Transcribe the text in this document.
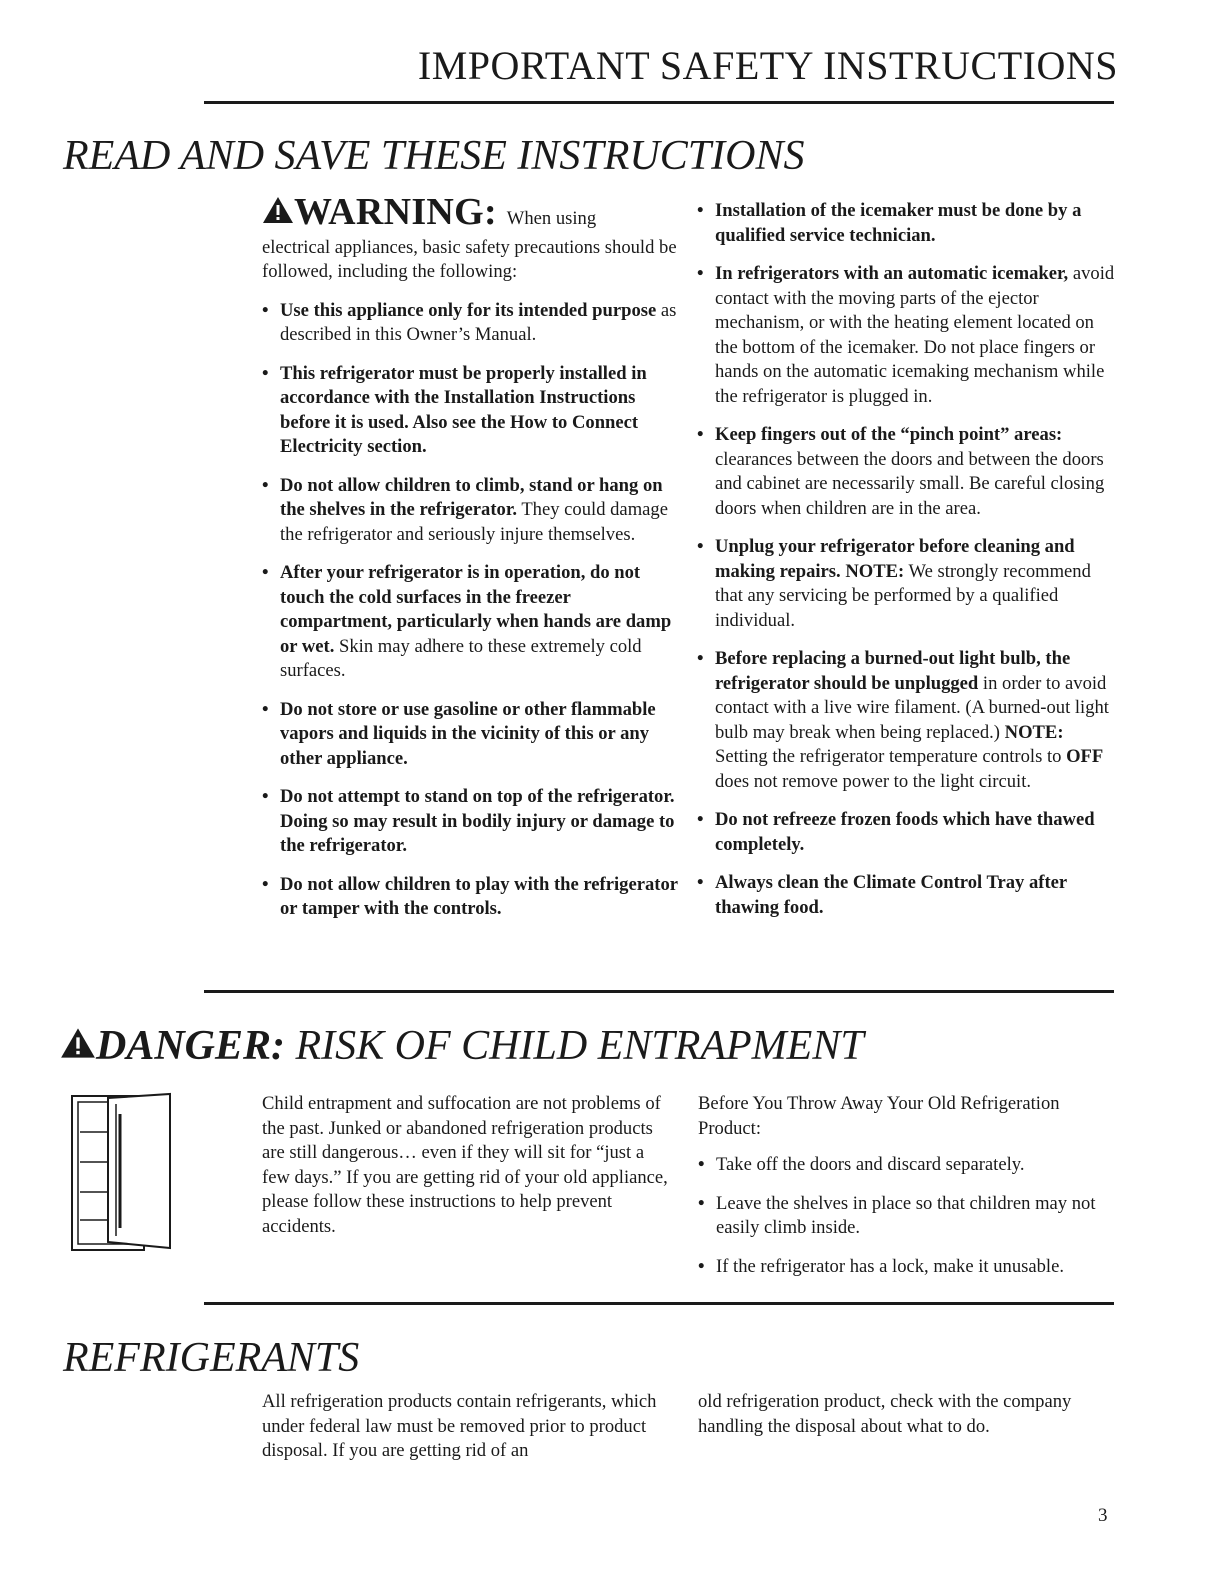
IMPORTANT SAFETY INSTRUCTIONS
READ AND SAVE THESE INSTRUCTIONS
WARNING: When using

electrical appliances, basic safety precautions should be followed, including the following:

• Use this appliance only for its intended purpose as described in this Owner’s Manual.
• This refrigerator must be properly installed in accordance with the Installation Instructions before it is used. Also see the How to Connect Electricity section.
• Do not allow children to climb, stand or hang on the shelves in the refrigerator. They could damage the refrigerator and seriously injure themselves.
• After your refrigerator is in operation, do not touch the cold surfaces in the freezer compartment, particularly when hands are damp or wet. Skin may adhere to these extremely cold surfaces.
• Do not store or use gasoline or other flammable vapors and liquids in the vicinity of this or any other appliance.
• Do not attempt to stand on top of the refrigerator. Doing so may result in bodily injury or damage to the refrigerator.
• Do not allow children to play with the refrigerator or tamper with the controls.
• Installation of the icemaker must be done by a qualified service technician.
• In refrigerators with an automatic icemaker, avoid contact with the moving parts of the ejector mechanism, or with the heating element located on the bottom of the icemaker. Do not place fingers or hands on the automatic icemaking mechanism while the refrigerator is plugged in.
• Keep fingers out of the “pinch point” areas: clearances between the doors and between the doors and cabinet are necessarily small. Be careful closing doors when children are in the area.
• Unplug your refrigerator before cleaning and making repairs. NOTE: We strongly recommend that any servicing be performed by a qualified individual.
• Before replacing a burned-out light bulb, the refrigerator should be unplugged in order to avoid contact with a live wire filament. (A burned-out light bulb may break when being replaced.) NOTE: Setting the refrigerator temperature controls to OFF does not remove power to the light circuit.
• Do not refreeze frozen foods which have thawed completely.
• Always clean the Climate Control Tray after thawing food.
DANGER: RISK OF CHILD ENTRAPMENT
Child entrapment and suffocation are not problems of the past. Junked or abandoned refrigeration products are still dangerous… even if they will sit for “just a few days.” If you are getting rid of your old appliance, please follow these instructions to help prevent accidents.

Before You Throw Away Your Old Refrigeration Product:

• Take off the doors and discard separately.
• Leave the shelves in place so that children may not easily climb inside.
• If the refrigerator has a lock, make it unusable.
REFRIGERANTS
All refrigeration products contain refrigerants, which under federal law must be removed prior to product disposal. If you are getting rid of an
old refrigeration product, check with the company handling the disposal about what to do.
3
